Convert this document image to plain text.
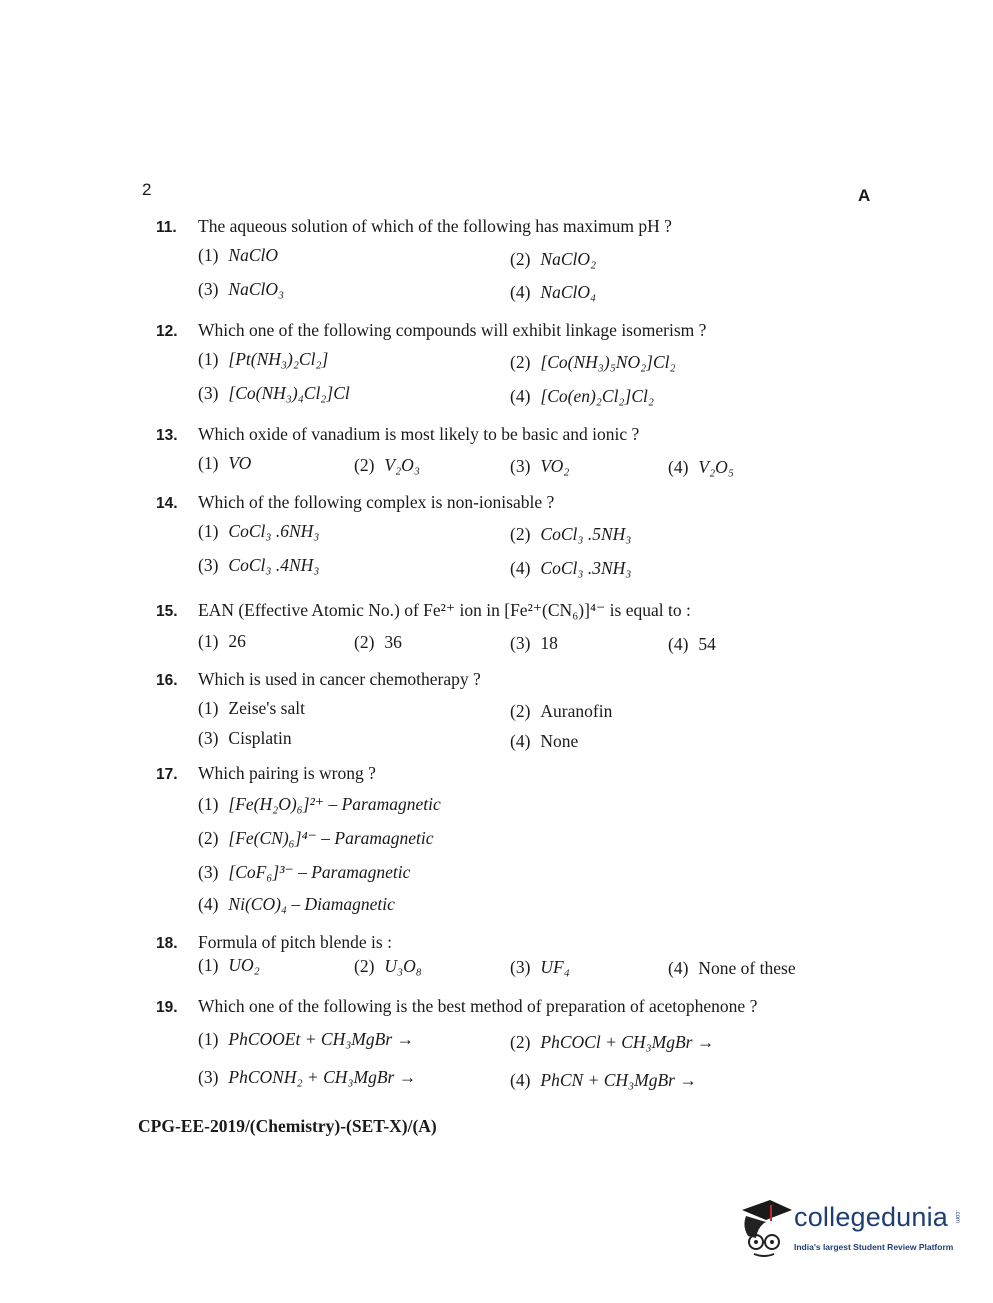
2	A
11.	The aqueous solution of which of the following has maximum pH ?
(1) NaClO	(2) NaClO₂
(3) NaClO₃	(4) NaClO₄
12.	Which one of the following compounds will exhibit linkage isomerism ?
(1) [Pt(NH₃)₂Cl₂]	(2) [Co(NH₃)₅NO₂]Cl₂
(3) [Co(NH₃)₄Cl₂]Cl	(4) [Co(en)₂Cl₂]Cl₂
13.	Which oxide of vanadium is most likely to be basic and ionic ?
(1) VO	(2) V₂O₃	(3) VO₂	(4) V₂O₅
14.	Which of the following complex is non-ionisable ?
(1) CoCl₃ .6NH₃	(2) CoCl₃ .5NH₃
(3) CoCl₃ .4NH₃	(4) CoCl₃ .3NH₃
15.	EAN (Effective Atomic No.) of Fe²⁺ ion in [Fe²⁺(CN₆)]⁴⁻ is equal to :
(1) 26	(2) 36	(3) 18	(4) 54
16.	Which is used in cancer chemotherapy ?
(1) Zeise's salt	(2) Auranofin
(3) Cisplatin	(4) None
17.	Which pairing is wrong ?
(1) [Fe(H₂O)₆]²⁺ – Paramagnetic
(2) [Fe(CN)₆]⁴⁻ – Paramagnetic
(3) [CoF₆]³⁻ – Paramagnetic
(4) Ni(CO)₄ – Diamagnetic
18.	Formula of pitch blende is :
(1) UO₂	(2) U₃O₈	(3) UF₄	(4) None of these
19.	Which one of the following is the best method of preparation of acetophenone ?
(1) PhCOOEt + CH₃MgBr →	(2) PhCOCl + CH₃MgBr →
(3) PhCONH₂ + CH₃MgBr →	(4) PhCN + CH₃MgBr →
CPG-EE-2019/(Chemistry)-(SET-X)/(A)
collegedunia .com
India's largest Student Review Platform
